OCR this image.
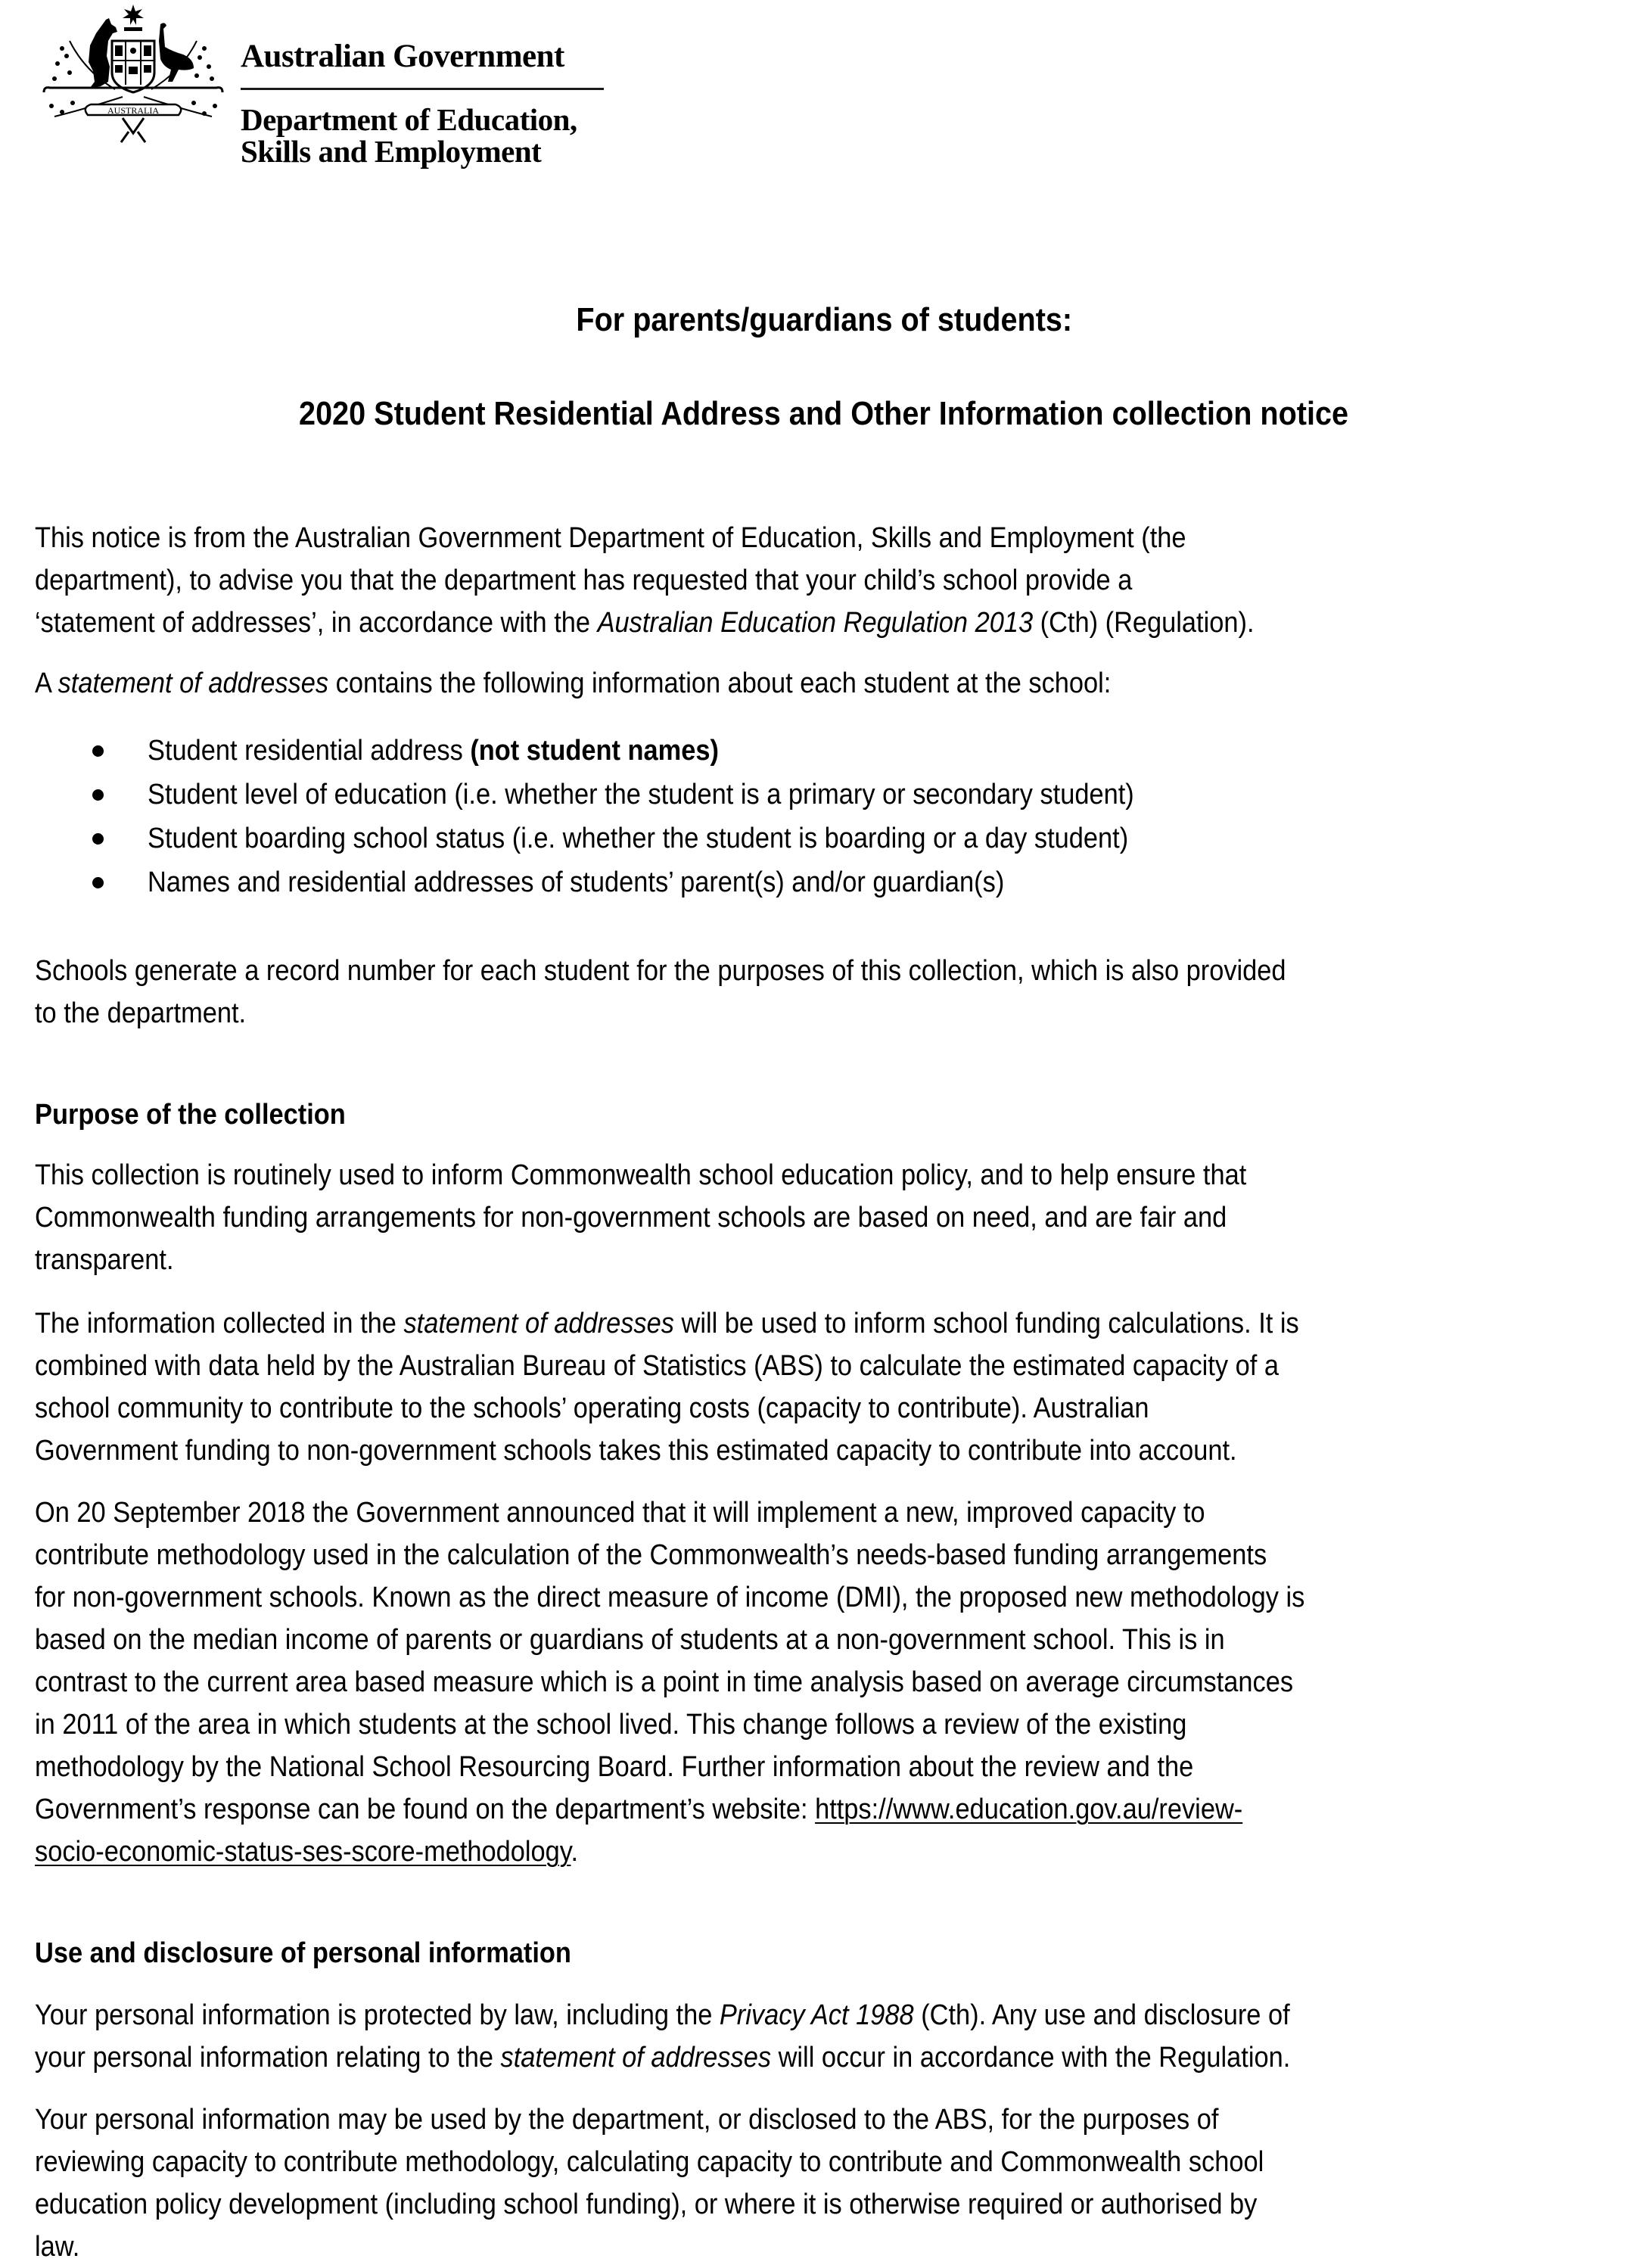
AUSTRALIA
Australian Government
Department of Education,
Skills and Employment
For parents/guardians of students:
2020 Student Residential Address and Other Information collection notice
This notice is from the Australian Government Department of Education, Skills and Employment (the
department), to advise you that the department has requested that your child’s school provide a
‘statement of addresses’, in accordance with the Australian Education Regulation 2013 (Cth) (Regulation).
A statement of addresses contains the following information about each student at the school:
Student residential address (not student names)
Student level of education (i.e. whether the student is a primary or secondary student)
Student boarding school status (i.e. whether the student is boarding or a day student)
Names and residential addresses of students’ parent(s) and/or guardian(s)
Schools generate a record number for each student for the purposes of this collection, which is also provided
to the department.
Purpose of the collection
This collection is routinely used to inform Commonwealth school education policy, and to help ensure that
Commonwealth funding arrangements for non-government schools are based on need, and are fair and
transparent.
The information collected in the statement of addresses will be used to inform school funding calculations. It is
combined with data held by the Australian Bureau of Statistics (ABS) to calculate the estimated capacity of a
school community to contribute to the schools’ operating costs (capacity to contribute). Australian
Government funding to non-government schools takes this estimated capacity to contribute into account.
On 20 September 2018 the Government announced that it will implement a new, improved capacity to
contribute methodology used in the calculation of the Commonwealth’s needs-based funding arrangements
for non-government schools. Known as the direct measure of income (DMI), the proposed new methodology is
based on the median income of parents or guardians of students at a non-government school. This is in
contrast to the current area based measure which is a point in time analysis based on average circumstances
in 2011 of the area in which students at the school lived. This change follows a review of the existing
methodology by the National School Resourcing Board. Further information about the review and the
Government’s response can be found on the department’s website: https://www.education.gov.au/review-
socio-economic-status-ses-score-methodology.
Use and disclosure of personal information
Your personal information is protected by law, including the Privacy Act 1988 (Cth). Any use and disclosure of
your personal information relating to the statement of addresses will occur in accordance with the Regulation.
Your personal information may be used by the department, or disclosed to the ABS, for the purposes of
reviewing capacity to contribute methodology, calculating capacity to contribute and Commonwealth school
education policy development (including school funding), or where it is otherwise required or authorised by
law.
